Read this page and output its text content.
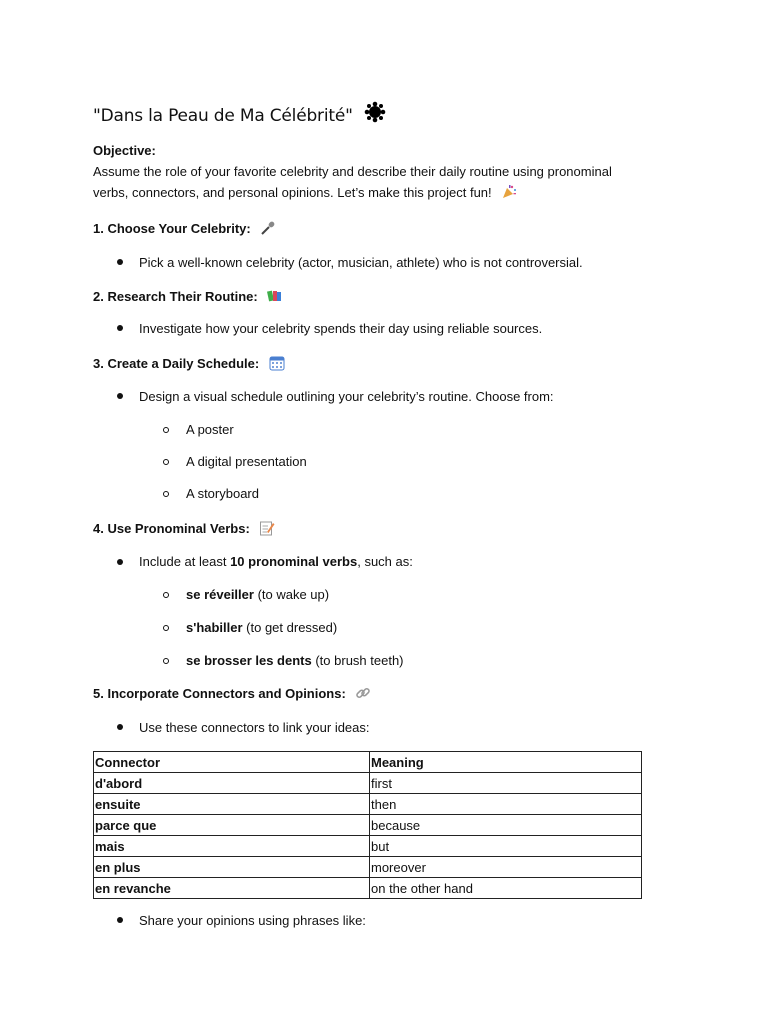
"Dans la Peau de Ma Célébrité"
Objective:
Assume the role of your favorite celebrity and describe their daily routine using pronominal
verbs, connectors, and personal opinions. Let’s make this project fun!
1. Choose Your Celebrity:
Pick a well-known celebrity (actor, musician, athlete) who is not controversial.
2. Research Their Routine:
Investigate how your celebrity spends their day using reliable sources.
3. Create a Daily Schedule:
Design a visual schedule outlining your celebrity’s routine. Choose from:
A poster
A digital presentation
A storyboard
4. Use Pronominal Verbs:
Include at least 10 pronominal verbs, such as:
se réveiller (to wake up)
s'habiller (to get dressed)
se brosser les dents (to brush teeth)
5. Incorporate Connectors and Opinions:
Use these connectors to link your ideas:
Connector	Meaning
d'abord	first
ensuite	then
parce que	because
mais	but
en plus	moreover
en revanche	on the other hand
Share your opinions using phrases like:
